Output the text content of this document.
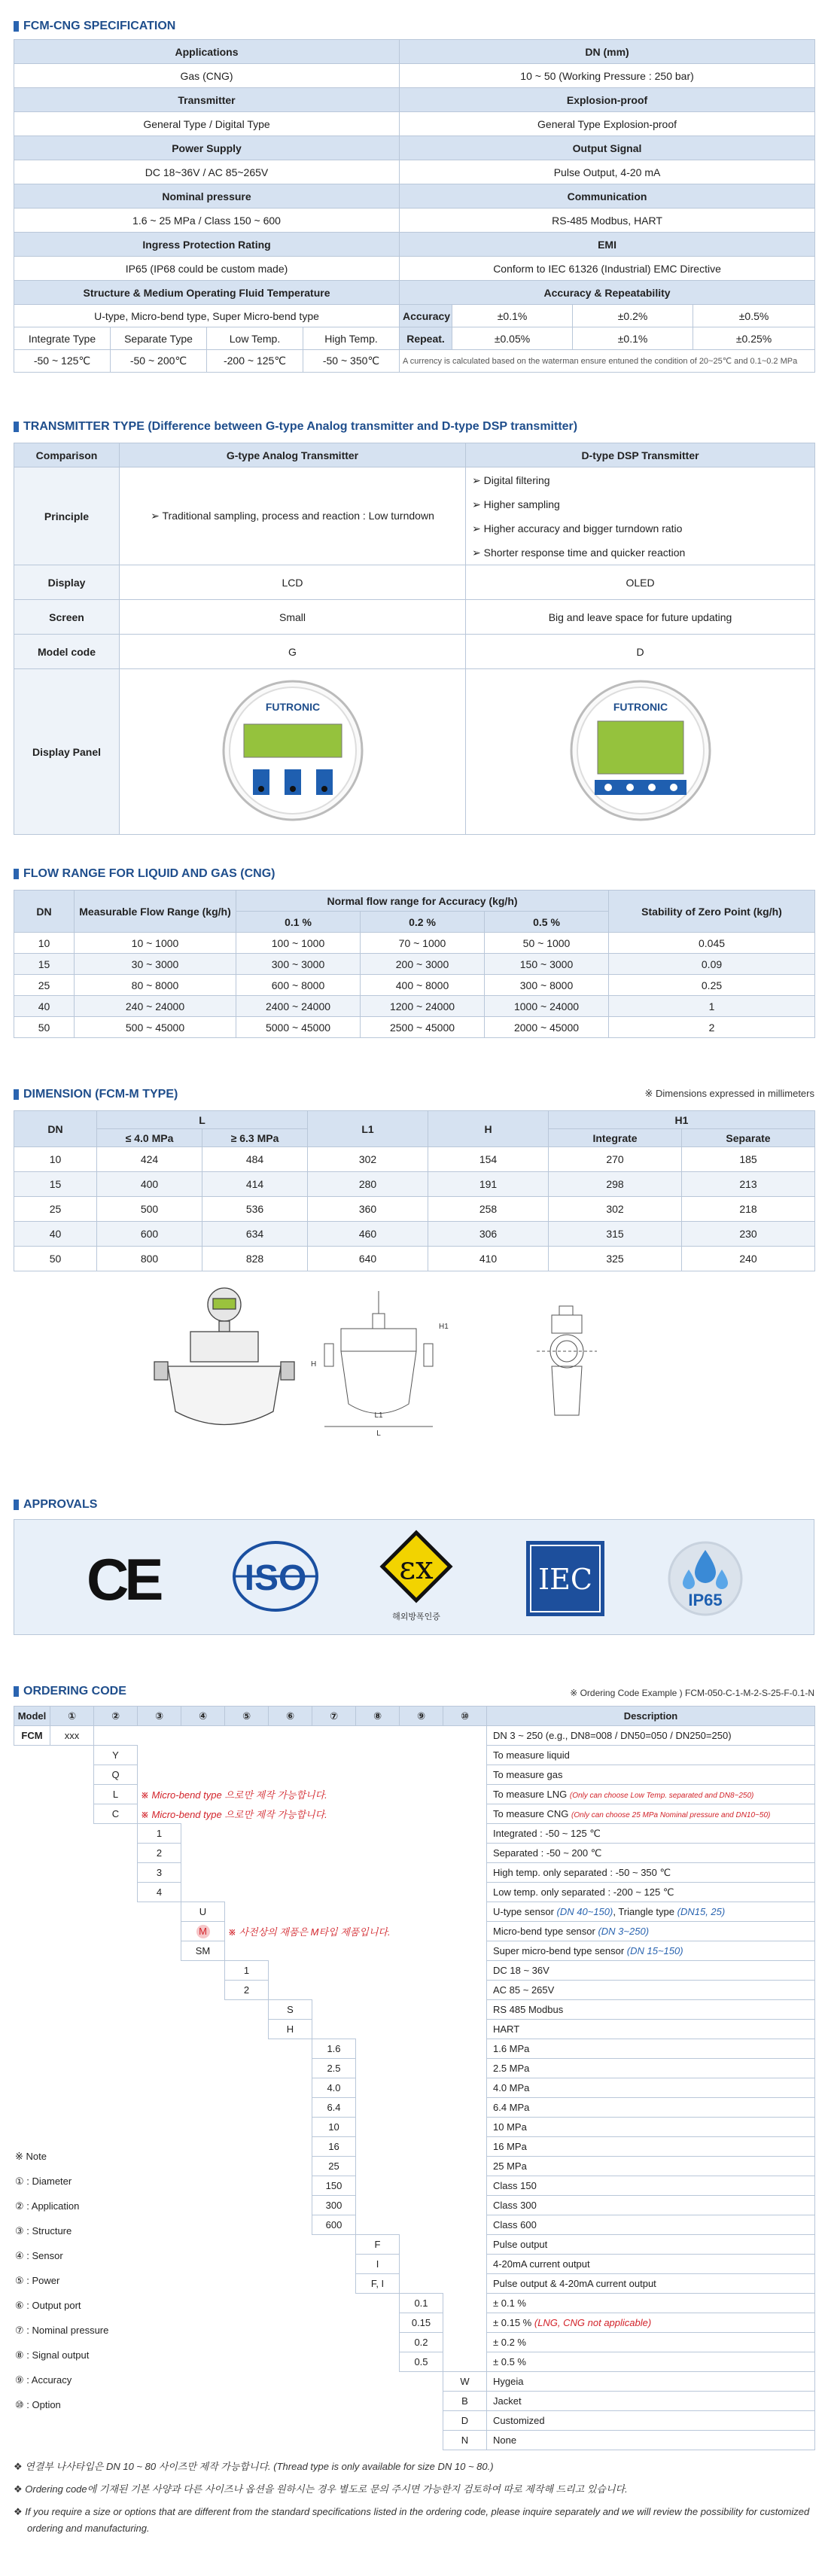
FCM-CNG SPECIFICATION
Applications				DN (mm)			
Gas (CNG)				10 ~ 50 (Working Pressure : 250 bar)			
Transmitter				Explosion-proof			
General Type / Digital Type				General Type Explosion-proof			
Power Supply				Output Signal			
DC 18~36V / AC 85~265V				Pulse Output, 4-20 mA			
Nominal pressure				Communication			
1.6 ~ 25 MPa / Class 150 ~ 600				RS-485 Modbus, HART			
Ingress Protection Rating				EMI			
IP65 (IP68 could be custom made)				Conform to IEC 61326 (Industrial) EMC Directive			
Structure & Medium Operating Fluid Temperature				Accuracy & Repeatability			
U-type, Micro-bend type, Super Micro-bend type				Accuracy	±0.1%	±0.2%	±0.5%
Integrate Type	Separate Type	Low Temp.	High Temp.	Repeat.	±0.05%	±0.1%	±0.25%
-50 ~ 125℃	-50 ~ 200℃	-200 ~ 125℃	-50 ~ 350℃	A currency is calculated based on the waterman ensure entuned the condition of 20~25℃ and 0.1~0.2 MPa			
TRANSMITTER TYPE (Difference between G-type Analog transmitter and D-type DSP transmitter)
Comparison	G-type Analog Transmitter	D-type DSP Transmitter
Principle	➢ Traditional sampling, process and reaction : Low turndown	➢ Digital filtering
➢ Higher sampling
➢ Higher accuracy and bigger turndown ratio
➢ Shorter response time and quicker reaction

Display	LCD	OLED
Screen	Small	Big and leave space for future updating
Model code	G	D
Display Panel	FUTRONIC	FUTRONIC
FLOW RANGE FOR LIQUID AND GAS (CNG)
DN	Measurable Flow Range (kg/h)	Normal flow range for Accuracy (kg/h)			Stability of Zero Point (kg/h)
		0.1 %	0.2 %	0.5 %	
10	10 ~ 1000	100 ~ 1000	70 ~ 1000	50 ~ 1000	0.045
15	30 ~ 3000	300 ~ 3000	200 ~ 3000	150 ~ 3000	0.09
25	80 ~ 8000	600 ~ 8000	400 ~ 8000	300 ~ 8000	0.25
40	240 ~ 24000	2400 ~ 24000	1200 ~ 24000	1000 ~ 24000	1
50	500 ~ 45000	5000 ~ 45000	2500 ~ 45000	2000 ~ 45000	2
DIMENSION (FCM-M TYPE)	※ Dimensions expressed in millimeters
DN	L		L1	H	H1	
	≤ 4.0 MPa	≥ 6.3 MPa			Integrate	Separate
10	424	484	302	154	270	185
15	400	414	280	191	298	213
25	500	536	360	258	302	218
40	600	634	460	306	315	230
50	800	828	640	410	325	240
L
L1
H
H1
APPROVALS
CE ISO	εx
해외방폭인증
IEC
IP65
ORDERING CODE	※ Ordering Code Example ) FCM-050-C-1-M-2-S-25-F-0.1-N
Model	①	②	③	④	⑤	⑥	⑦	⑧	⑨	⑩	Description
FCM	xxx										DN 3 ~ 250 (e.g., DN8=008 / DN50=050 / DN250=250)
		Y									To measure liquid
		Q									To measure gas
		L	※ Micro-bend type 으로만 제작 가능합니다.								To measure LNG (Only can choose Low Temp. separated and DN8~250)
		C	※ Micro-bend type 으로만 제작 가능합니다.								To measure CNG (Only can choose 25 MPa Nominal pressure and DN10~50)
			1								Integrated : -50 ~ 125 ℃
			2								Separated : -50 ~ 200 ℃
			3								High temp. only separated : -50 ~ 350 ℃
			4								Low temp. only separated : -200 ~ 125 ℃
				U							U-type sensor (DN 40~150), Triangle type (DN15, 25)
				M	※ 사전상의 재품은 M타입 제품입니다.						Micro-bend type sensor (DN 3~250)
				SM							Super micro-bend type sensor (DN 15~150)
					1						DC 18 ~ 36V
					2						AC 85 ~ 265V
						S					RS 485 Modbus
						H					HART
							1.6				1.6 MPa
							2.5				2.5 MPa
							4.0				4.0 MPa
							6.4				6.4 MPa
							10				10 MPa
							16				16 MPa
							25				25 MPa
							150				Class 150
							300				Class 300
							600				Class 600
								F			Pulse output
								I			4-20mA current output
								F, I			Pulse output & 4-20mA current output
									0.1		± 0.1 %
									0.15		± 0.15 % (LNG, CNG not applicable)
									0.2		± 0.2 %
									0.5		± 0.5 %
										W	Hygeia
										B	Jacket
										D	Customized
										N	None
※ Note
① : Diameter
② : Application
③ : Structure
④ : Sensor
⑤ : Power
⑥ : Output port
⑦ : Nominal pressure
⑧ : Signal output
⑨ : Accuracy
⑩ : Option
❖ 연결부 나사타입은 DN 10 ~ 80 사이즈만 제작 가능합니다. (Thread type is only available for size DN 10 ~ 80.)
❖ Ordering code에 기재된 기본 사양과 다른 사이즈나 옵션을 원하시는 경우 별도로 문의 주시면 가능한지 검토하여 따로 제작해 드리고 있습니다.
❖ If you require a size or options that are different from the standard specifications listed in the ordering code, please inquire separately and we will review the possibility for customized ordering and manufacturing.
